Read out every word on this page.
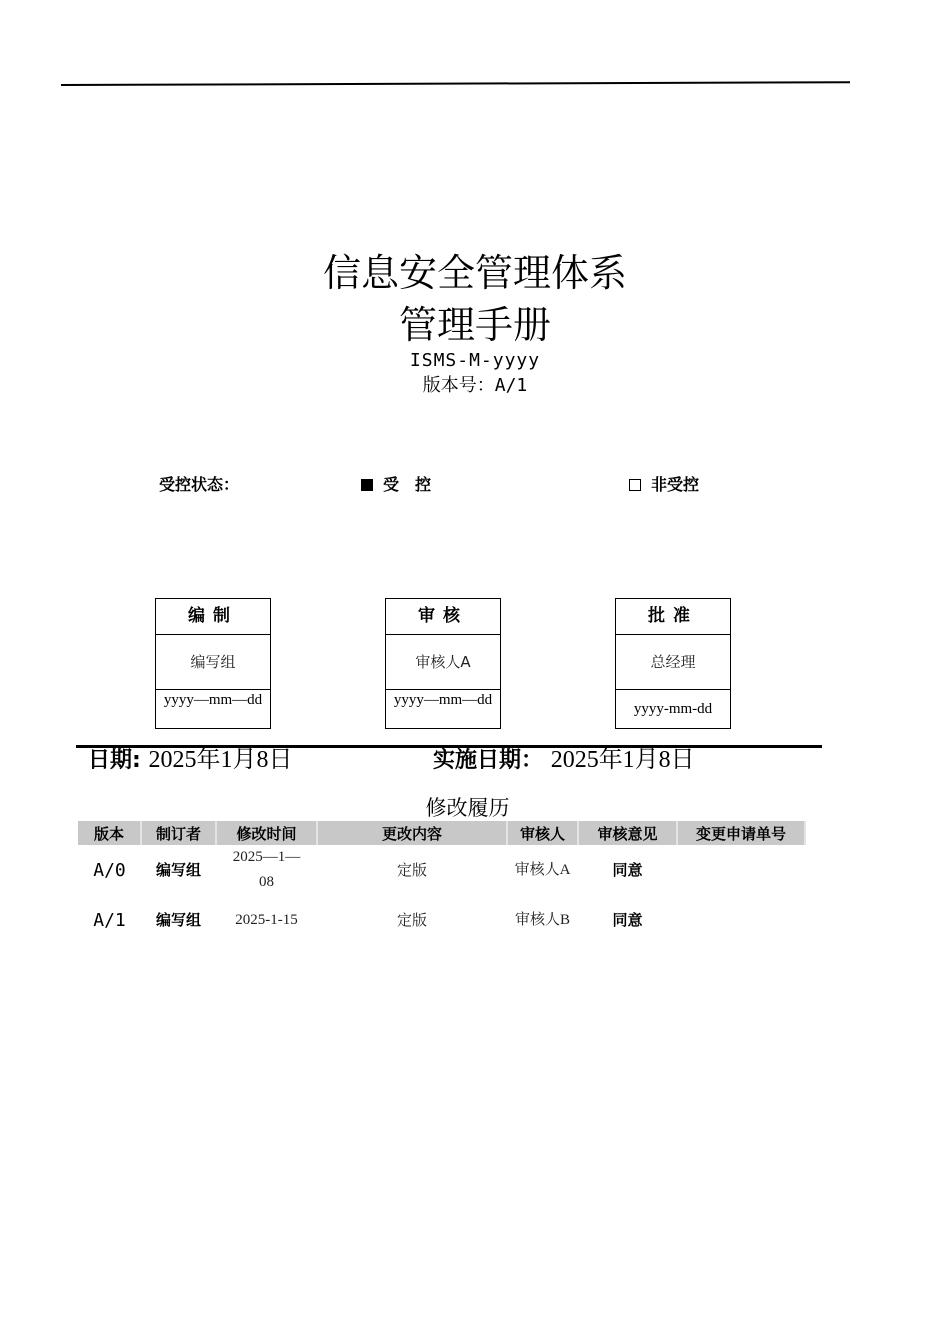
信息安全管理体系
管理手册
ISMS-M-yyyy
版本号：A/1
受控状态：	受　控	非受控
编制
编写组
yyyy—mm—dd
审核
审核人A
yyyy—mm—dd
批准
总经理
yyyy-mm-dd
日期: 2025年1月8日	实施日期： 2025年1月8日
修改履历
版本	制订者	修改时间	更改内容	审核人	审核意见	变更申请单号
A/0	编写组	2025—1—08	定版	审核人A	同意	
A/1	编写组	2025-1-15	定版	审核人B	同意	
